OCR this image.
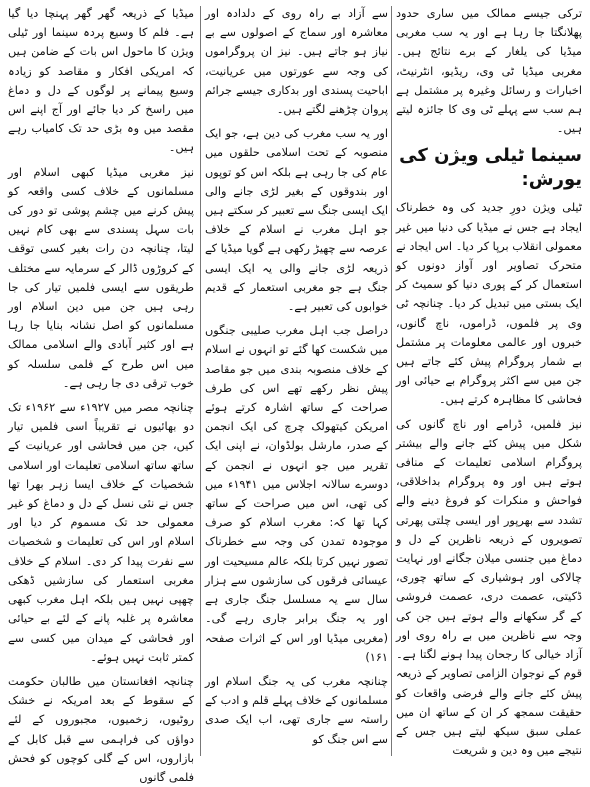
ترکی جیسے ممالک میں ساری حدود پھلانگتا جا رہا ہے اور یہ سب مغربی میڈیا کی یلغار کے برے نتائج ہیں۔ مغربی میڈیا ٹی وی، ریڈیو، انٹرنیٹ، اخبارات و رسائل وغیرہ پر مشتمل ہے ہم سب سے پہلے ٹی وی کا جائزہ لیتے ہیں۔

سینما ٹیلی ویژن کی یورش:

ٹیلی ویژن دورِ جدید کی وہ خطرناک ایجاد ہے جس نے میڈیا کی دنیا میں غیر معمولی انقلاب برپا کر دیا۔ اس ایجاد نے متحرک تصاویر اور آواز دونوں کو استعمال کر کے پوری دنیا کو سمیٹ کر ایک بستی میں تبدیل کر دیا۔ چنانچہ ٹی وی پر فلموں، ڈراموں، ناچ گانوں، خبروں اور عالمی معلومات پر مشتمل بے شمار پروگرام پیش کئے جاتے ہیں جن میں سے اکثر پروگرام بے حیائی اور فحاشی کا مظاہرہ کرتے ہیں۔

نیز فلمیں، ڈرامے اور ناچ گانوں کی شکل میں پیش کئے جانے والے بیشتر پروگرام اسلامی تعلیمات کے منافی ہوتے ہیں اور وہ پروگرام بداخلاقی، فواحش و منکرات کو فروغ دینے والے تشدد سے بھرپور اور ایسی چلتی پھرتی تصویروں کے ذریعہ ناظرین کے دل و دماغ میں جنسی میلان جگانے اور نہایت چالاکی اور ہوشیاری کے ساتھ چوری، ڈکیتی، عصمت دری، عصمت فروشی کے گر سکھانے والے ہوتے ہیں جن کی وجہ سے ناظرین میں بے راہ روی اور آزاد خیالی کا رجحان پیدا ہونے لگتا ہے۔ قوم کے نوجوان الزامی تصاویر کے ذریعہ پیش کئے جانے والے فرضی واقعات کو حقیقت سمجھ کر ان کے ساتھ ان میں عملی سبق سیکھ لیتے ہیں جس کے نتیجے میں وہ دین و شریعت

سے آزاد بے راہ روی کے دلدادہ اور معاشرہ اور سماج کے اصولوں سے بے نیاز ہو جاتے ہیں۔ نیز ان پروگراموں کی وجہ سے عورتوں میں عریانیت، اباحیت پسندی اور بدکاری جیسے جرائم پروان چڑھنے لگتے ہیں۔

اور یہ سب مغرب کی دین ہے، جو ایک منصوبہ کے تحت اسلامی حلقوں میں عام کی جا رہی ہے بلکہ اس کو توپوں اور بندوقوں کے بغیر لڑی جانے والی ایک ایسی جنگ سے تعبیر کر سکتے ہیں جو اہل مغرب نے اسلام کے خلاف عرصہ سے چھیڑ رکھی ہے گویا میڈیا کے ذریعہ لڑی جانے والی یہ ایک ایسی جنگ ہے جو مغربی استعمار کے قدیم خوابوں کی تعبیر ہے۔

دراصل جب اہل مغرب صلیبی جنگوں میں شکست کھا گئے تو انہوں نے اسلام کے خلاف منصوبہ بندی میں جو مقاصد پیش نظر رکھے تھے اس کی طرف صراحت کے ساتھ اشارہ کرتے ہوئے امریکن کیتھولک چرچ کی ایک انجمن کے صدر، مارشل بولڈوان، نے اپنی ایک تقریر میں جو انہوں نے انجمن کے دوسرے سالانہ اجلاس میں ۱۹۴۱ء میں کی تھی، اس میں صراحت کے ساتھ کہا تھا کہ: مغرب اسلام کو صرف موجودہ تمدن کی وجہ سے خطرناک تصور نہیں کرتا بلکہ عالم مسیحیت اور عیسائی فرقوں کی سازشوں سے ہزار سال سے یہ مسلسل جنگ جاری ہے اور یہ جنگ برابر جاری رہے گی۔ (مغربی میڈیا اور اس کے اثرات صفحہ ۱۶۱)

چنانچہ مغرب کی یہ جنگ اسلام اور مسلمانوں کے خلاف پہلے قلم و ادب کے راستہ سے جاری تھی، اب ایک صدی سے اس جنگ کو

میڈیا کے ذریعہ گھر گھر پہنچا دیا گیا ہے۔ فلم کا وسیع پردہ سینما اور ٹیلی ویژن کا ماحول اس بات کے ضامن ہیں کہ امریکی افکار و مقاصد کو زیادہ وسیع پیمانے پر لوگوں کے دل و دماغ میں راسخ کر دیا جائے اور آج اپنے اس مقصد میں وہ بڑی حد تک کامیاب رہے ہیں۔

نیز مغربی میڈیا کبھی اسلام اور مسلمانوں کے خلاف کسی واقعہ کو پیش کرنے میں چشم پوشی تو دور کی بات سہل پسندی سے بھی کام نہیں لیتا، چنانچہ دن رات بغیر کسی توقف کے کروڑوں ڈالر کے سرمایہ سے مختلف طریقوں سے ایسی فلمیں تیار کی جا رہی ہیں جن میں دین اسلام اور مسلمانوں کو اصل نشانہ بنایا جا رہا ہے اور کثیر آبادی والے اسلامی ممالک میں اس طرح کے فلمی سلسلہ کو خوب ترقی دی جا رہی ہے۔

چنانچہ مصر میں ۱۹۲۷ء سے ۱۹۶۲ء تک دو بھائیوں نے تقریباً اسی فلمیں تیار کیں، جن میں فحاشی اور عریانیت کے ساتھ ساتھ اسلامی تعلیمات اور اسلامی شخصیات کے خلاف ایسا زہر بھرا تھا جس نے نئی نسل کے دل و دماغ کو غیر معمولی حد تک مسموم کر دیا اور اسلام اور اس کی تعلیمات و شخصیات سے نفرت پیدا کر دی۔ اسلام کے خلاف مغربی استعمار کی سازشیں ڈھکی چھپی نہیں ہیں بلکہ اہل مغرب کبھی معاشرہ پر غلبہ پانے کے لئے بے حیائی اور فحاشی کے میدان میں کسی سے کمتر ثابت نہیں ہوئے۔

چنانچہ افغانستان میں طالبان حکومت کے سقوط کے بعد امریکہ نے خشک روٹیوں، زخمیوں، مجبوروں کے لئے دواؤں کی فراہمی سے قبل کابل کے بازاروں، اس کے گلی کوچوں کو فحش فلمی گانوں
